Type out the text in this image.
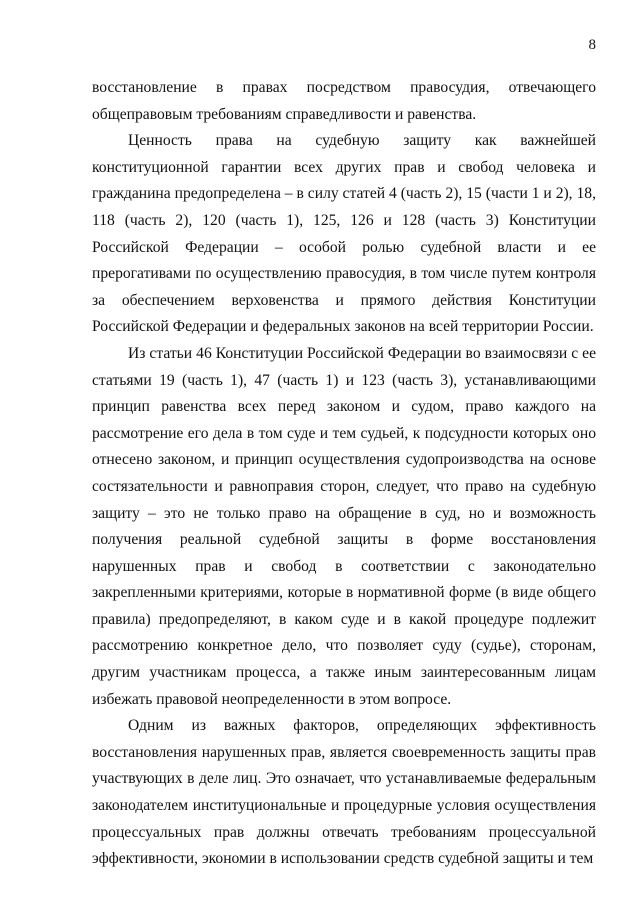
8

восстановление в правах посредством правосудия, отвечающего общеправовым требованиям справедливости и равенства.

Ценность права на судебную защиту как важнейшей конституционной гарантии всех других прав и свобод человека и гражданина предопределена – в силу статей 4 (часть 2), 15 (части 1 и 2), 18, 118 (часть 2), 120 (часть 1), 125, 126 и 128 (часть 3) Конституции Российской Федерации – особой ролью судебной власти и ее прерогативами по осуществлению правосудия, в том числе путем контроля за обеспечением верховенства и прямого действия Конституции Российской Федерации и федеральных законов на всей территории России.

Из статьи 46 Конституции Российской Федерации во взаимосвязи с ее статьями 19 (часть 1), 47 (часть 1) и 123 (часть 3), устанавливающими принцип равенства всех перед законом и судом, право каждого на рассмотрение его дела в том суде и тем судьей, к подсудности которых оно отнесено законом, и принцип осуществления судопроизводства на основе состязательности и равноправия сторон, следует, что право на судебную защиту – это не только право на обращение в суд, но и возможность получения реальной судебной защиты в форме восстановления нарушенных прав и свобод в соответствии с законодательно закрепленными критериями, которые в нормативной форме (в виде общего правила) предопределяют, в каком суде и в какой процедуре подлежит рассмотрению конкретное дело, что позволяет суду (судье), сторонам, другим участникам процесса, а также иным заинтересованным лицам избежать правовой неопределенности в этом вопросе.

Одним из важных факторов, определяющих эффективность восстановления нарушенных прав, является своевременность защиты прав участвующих в деле лиц. Это означает, что устанавливаемые федеральным законодателем институциональные и процедурные условия осуществления процессуальных прав должны отвечать требованиям процессуальной эффективности, экономии в использовании средств судебной защиты и тем
